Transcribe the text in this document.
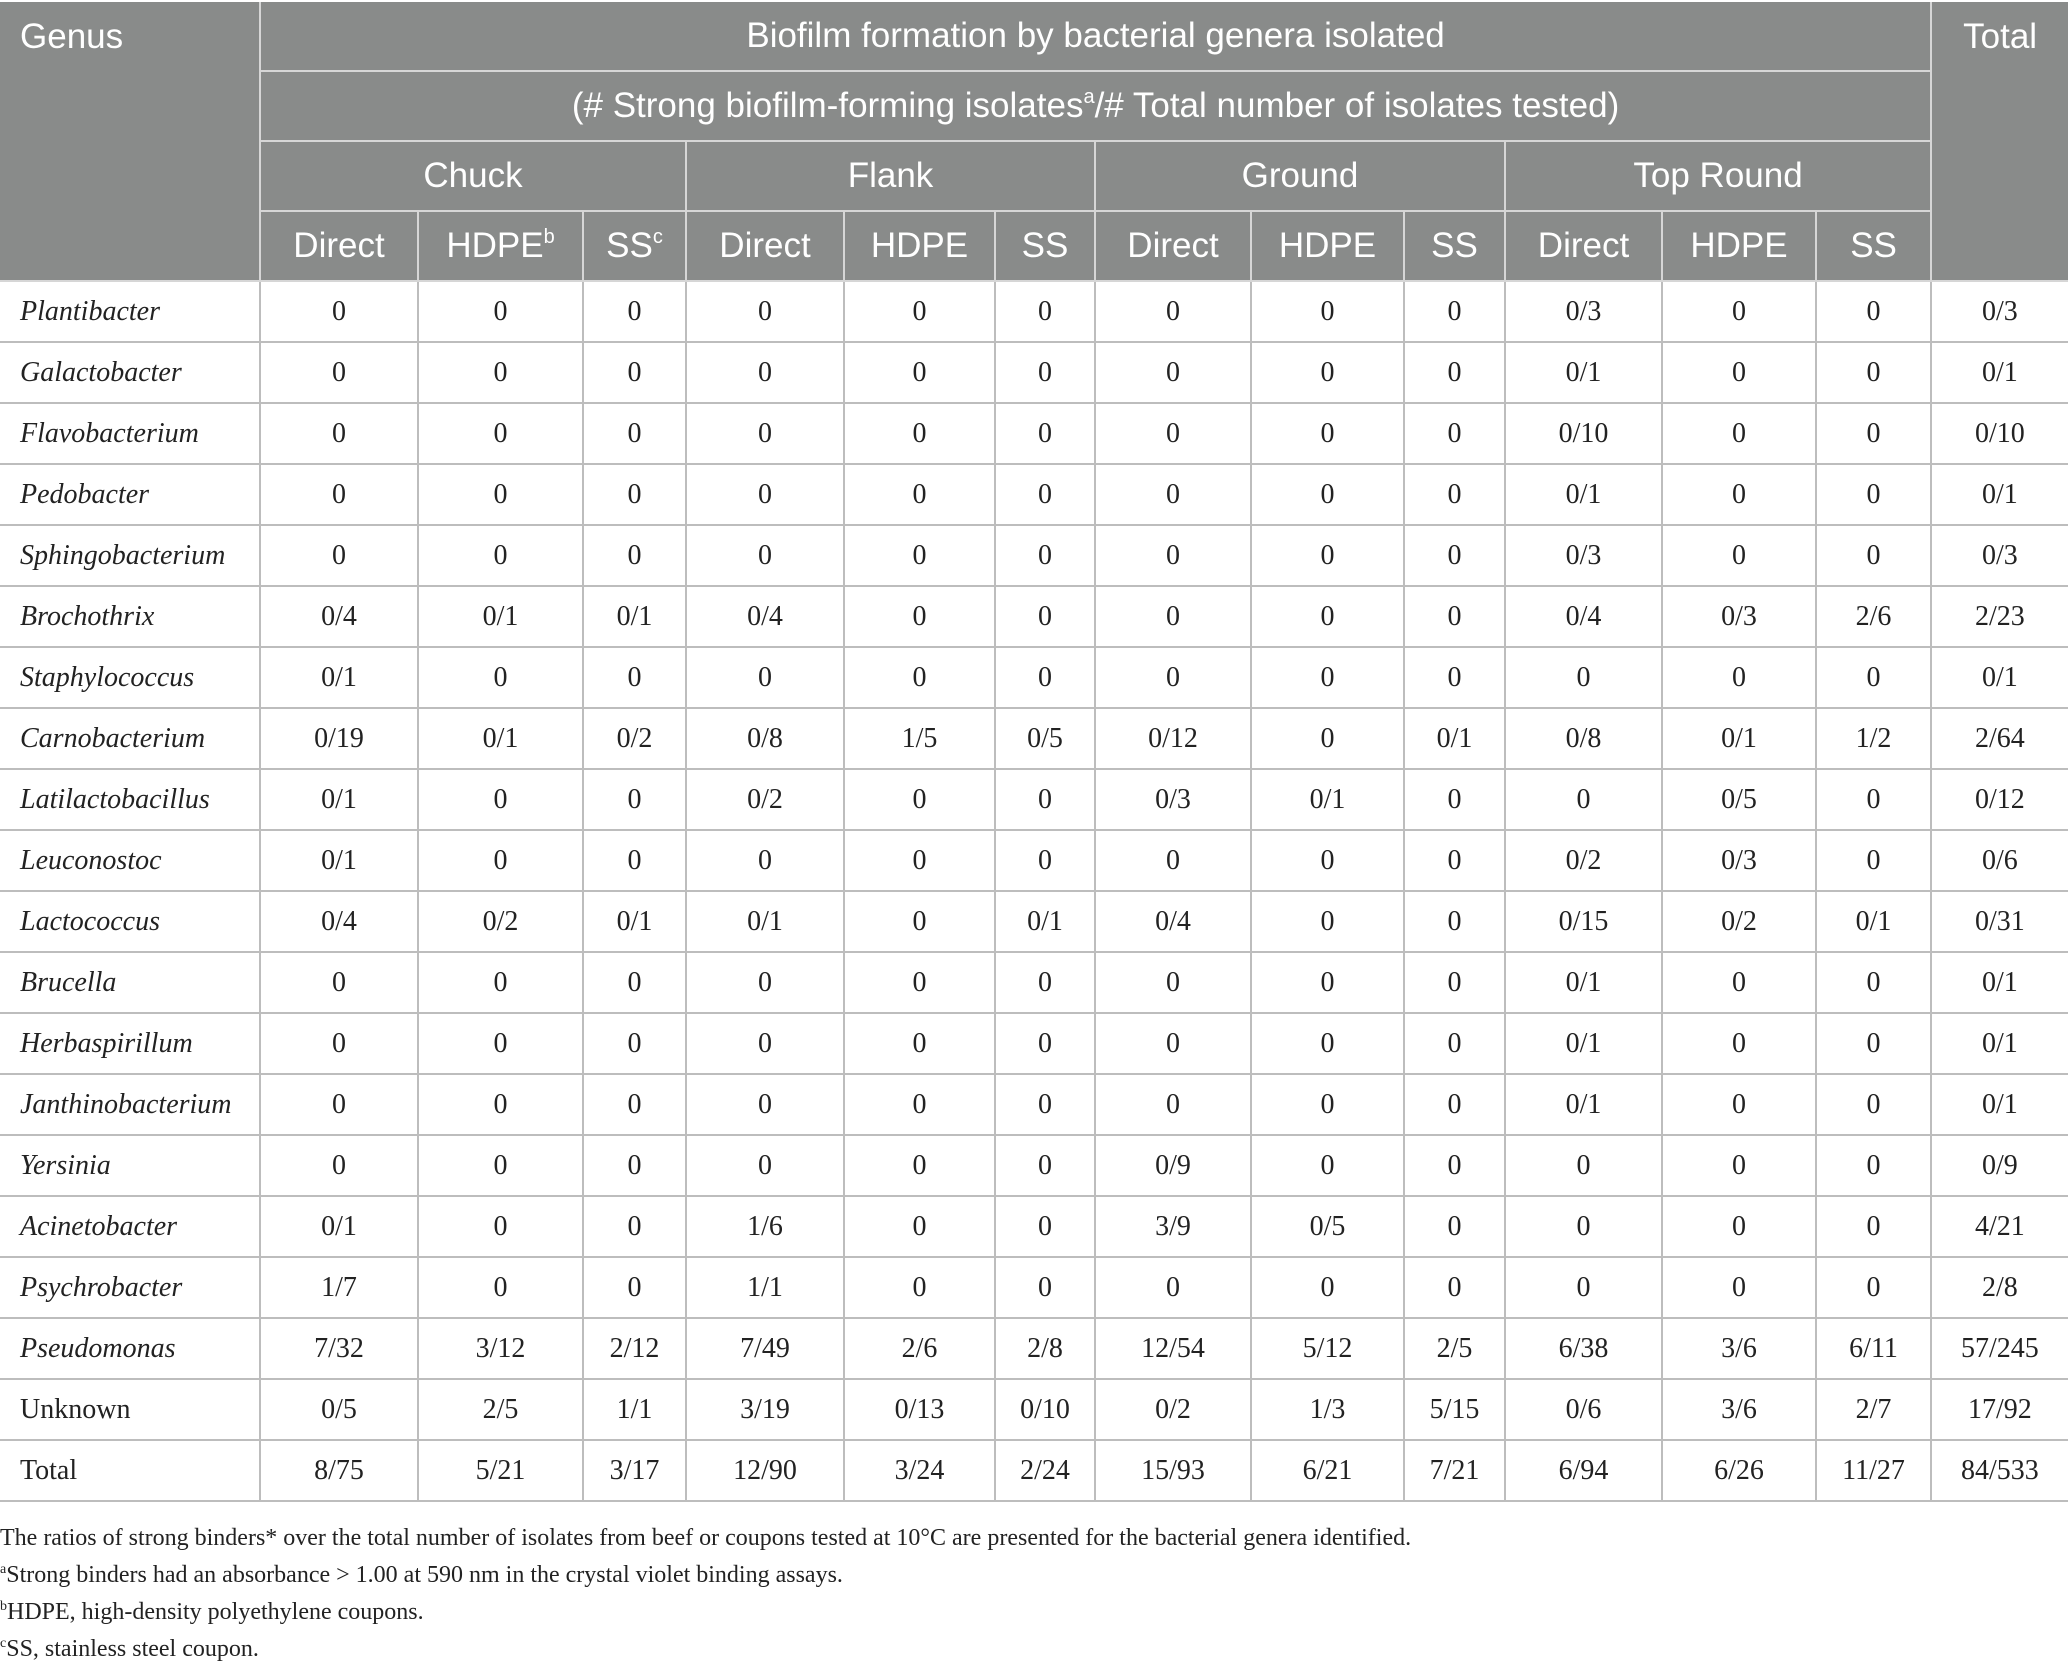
Genus	Biofilm formation by bacterial genera isolated												Total
	(# Strong biofilm-forming isolates$^a$/# Total number of isolates tested)												
	Chuck			Flank			Ground			Top Round			
	Direct	HDPE$^b$	$SS^c$	Direct	HDPE	SS	Direct	HDPE	SS	Direct	HDPE	SS	
Plantibacter	0	0	0	0	0	0	0	0	0	0/3	0	0	0/3
Galactobacter	0	0	0	0	0	0	0	0	0	0/1	0	0	0/1
Flavobacterium	0	0	0	0	0	0	0	0	0	0/10	0	0	0/10
Pedobacter	0	0	0	0	0	0	0	0	0	0/1	0	0	0/1
Sphingobacterium	0	0	0	0	0	0	0	0	0	0/3	0	0	0/3
Brochothrix	0/4	0/1	0/1	0/4	0	0	0	0	0	0/4	0/3	2/6	2/23
Staphylococcus	0/1	0	0	0	0	0	0	0	0	0	0	0	0/1
Carnobacterium	0/19	0/1	0/2	0/8	1/5	0/5	0/12	0	0/1	0/8	0/1	1/2	2/64
Latilactobacillus	0/1	0	0	0/2	0	0	0/3	0/1	0	0	0/5	0	0/12
Leuconostoc	0/1	0	0	0	0	0	0	0	0	0/2	0/3	0	0/6
Lactococcus	0/4	0/2	0/1	0/1	0	0/1	0/4	0	0	0/15	0/2	0/1	0/31
Brucella	0	0	0	0	0	0	0	0	0	0/1	0	0	0/1
Herbaspirillum	0	0	0	0	0	0	0	0	0	0/1	0	0	0/1
Janthinobacterium	0	0	0	0	0	0	0	0	0	0/1	0	0	0/1
Yersinia	0	0	0	0	0	0	0/9	0	0	0	0	0	0/9
Acinetobacter	0/1	0	0	1/6	0	0	3/9	0/5	0	0	0	0	4/21
Psychrobacter	1/7	0	0	1/1	0	0	0	0	0	0	0	0	2/8
Pseudomonas	7/32	3/12	2/12	7/49	2/6	2/8	12/54	5/12	2/5	6/38	3/6	6/11	57/245
Unknown	0/5	2/5	1/1	3/19	0/13	0/10	0/2	1/3	5/15	0/6	3/6	2/7	17/92
Total	8/75	5/21	3/17	12/90	3/24	2/24	15/93	6/21	7/21	6/94	6/26	11/27	84/533

The ratios of strong binders* over the total number of isolates from beef or coupons tested at 10°C are presented for the bacterial genera identified.

$^a$Strong binders had an absorbance > 1.00 at 590 nm in the crystal violet binding assays.

$^b$HDPE, high-density polyethylene coupons.

$^c$SS, stainless steel coupon.
